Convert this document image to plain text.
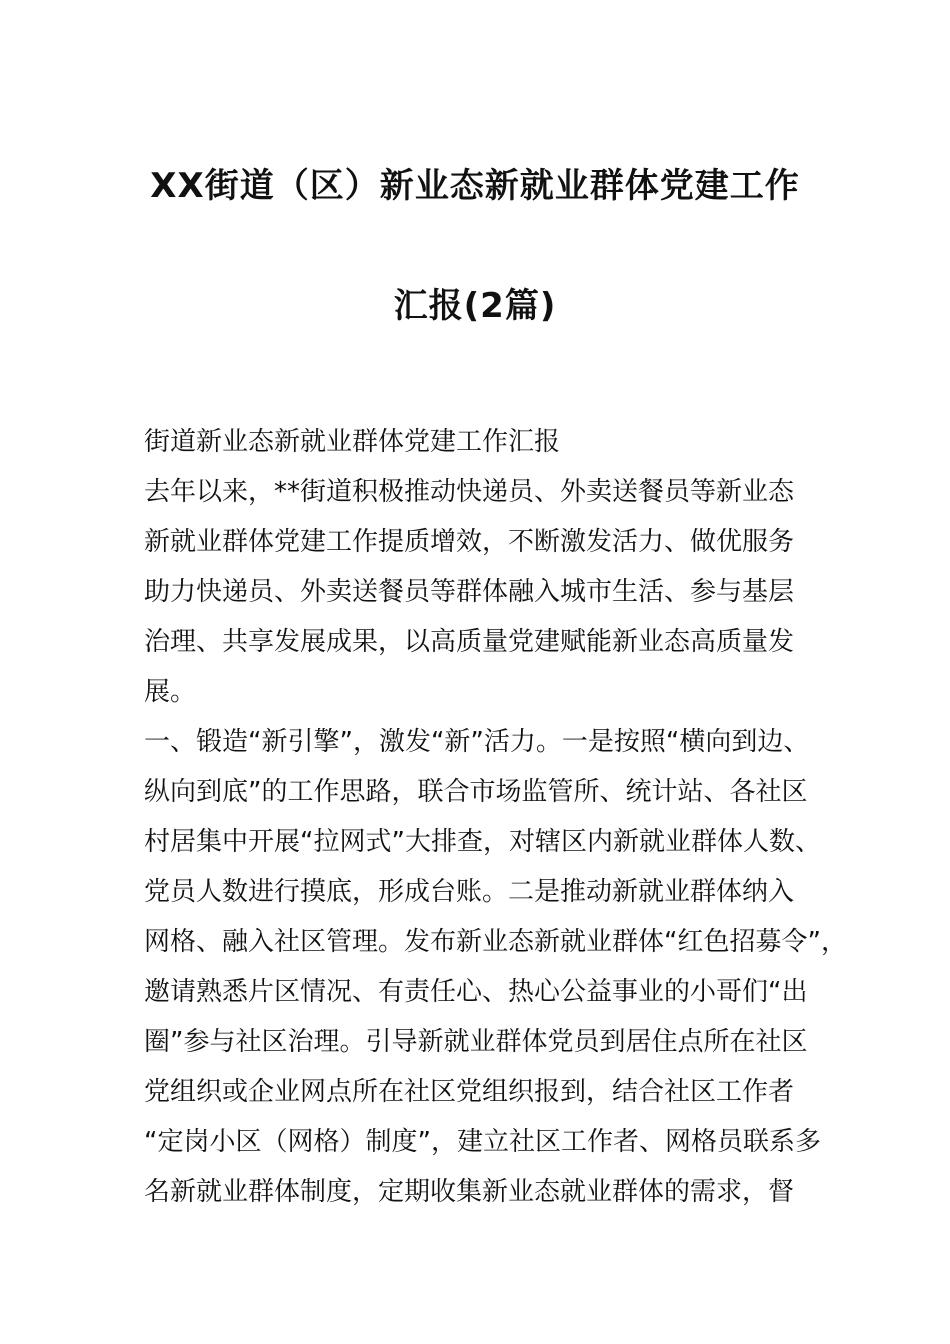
XX街道（区）新业态新就业群体党建工作
汇报(2篇)

街道新业态新就业群体党建工作汇报

去年以来，**街道积极推动快递员、外卖送餐员等新业态

新就业群体党建工作提质增效，不断激发活力、做优服务

助力快递员、外卖送餐员等群体融入城市生活、参与基层

治理、共享发展成果，以高质量党建赋能新业态高质量发

展。

一、锻造“新引擎”，激发“新”活力。一是按照“横向到边、

纵向到底”的工作思路，联合市场监管所、统计站、各社区

村居集中开展“拉网式”大排查，对辖区内新就业群体人数、

党员人数进行摸底，形成台账。二是推动新就业群体纳入

网格、融入社区管理。发布新业态新就业群体“红色招募令”，

邀请熟悉片区情况、有责任心、热心公益事业的小哥们“出

圈”参与社区治理。引导新就业群体党员到居住点所在社区

党组织或企业网点所在社区党组织报到，结合社区工作者

“定岗小区（网格）制度”，建立社区工作者、网格员联系多

名新就业群体制度，定期收集新业态就业群体的需求，督
